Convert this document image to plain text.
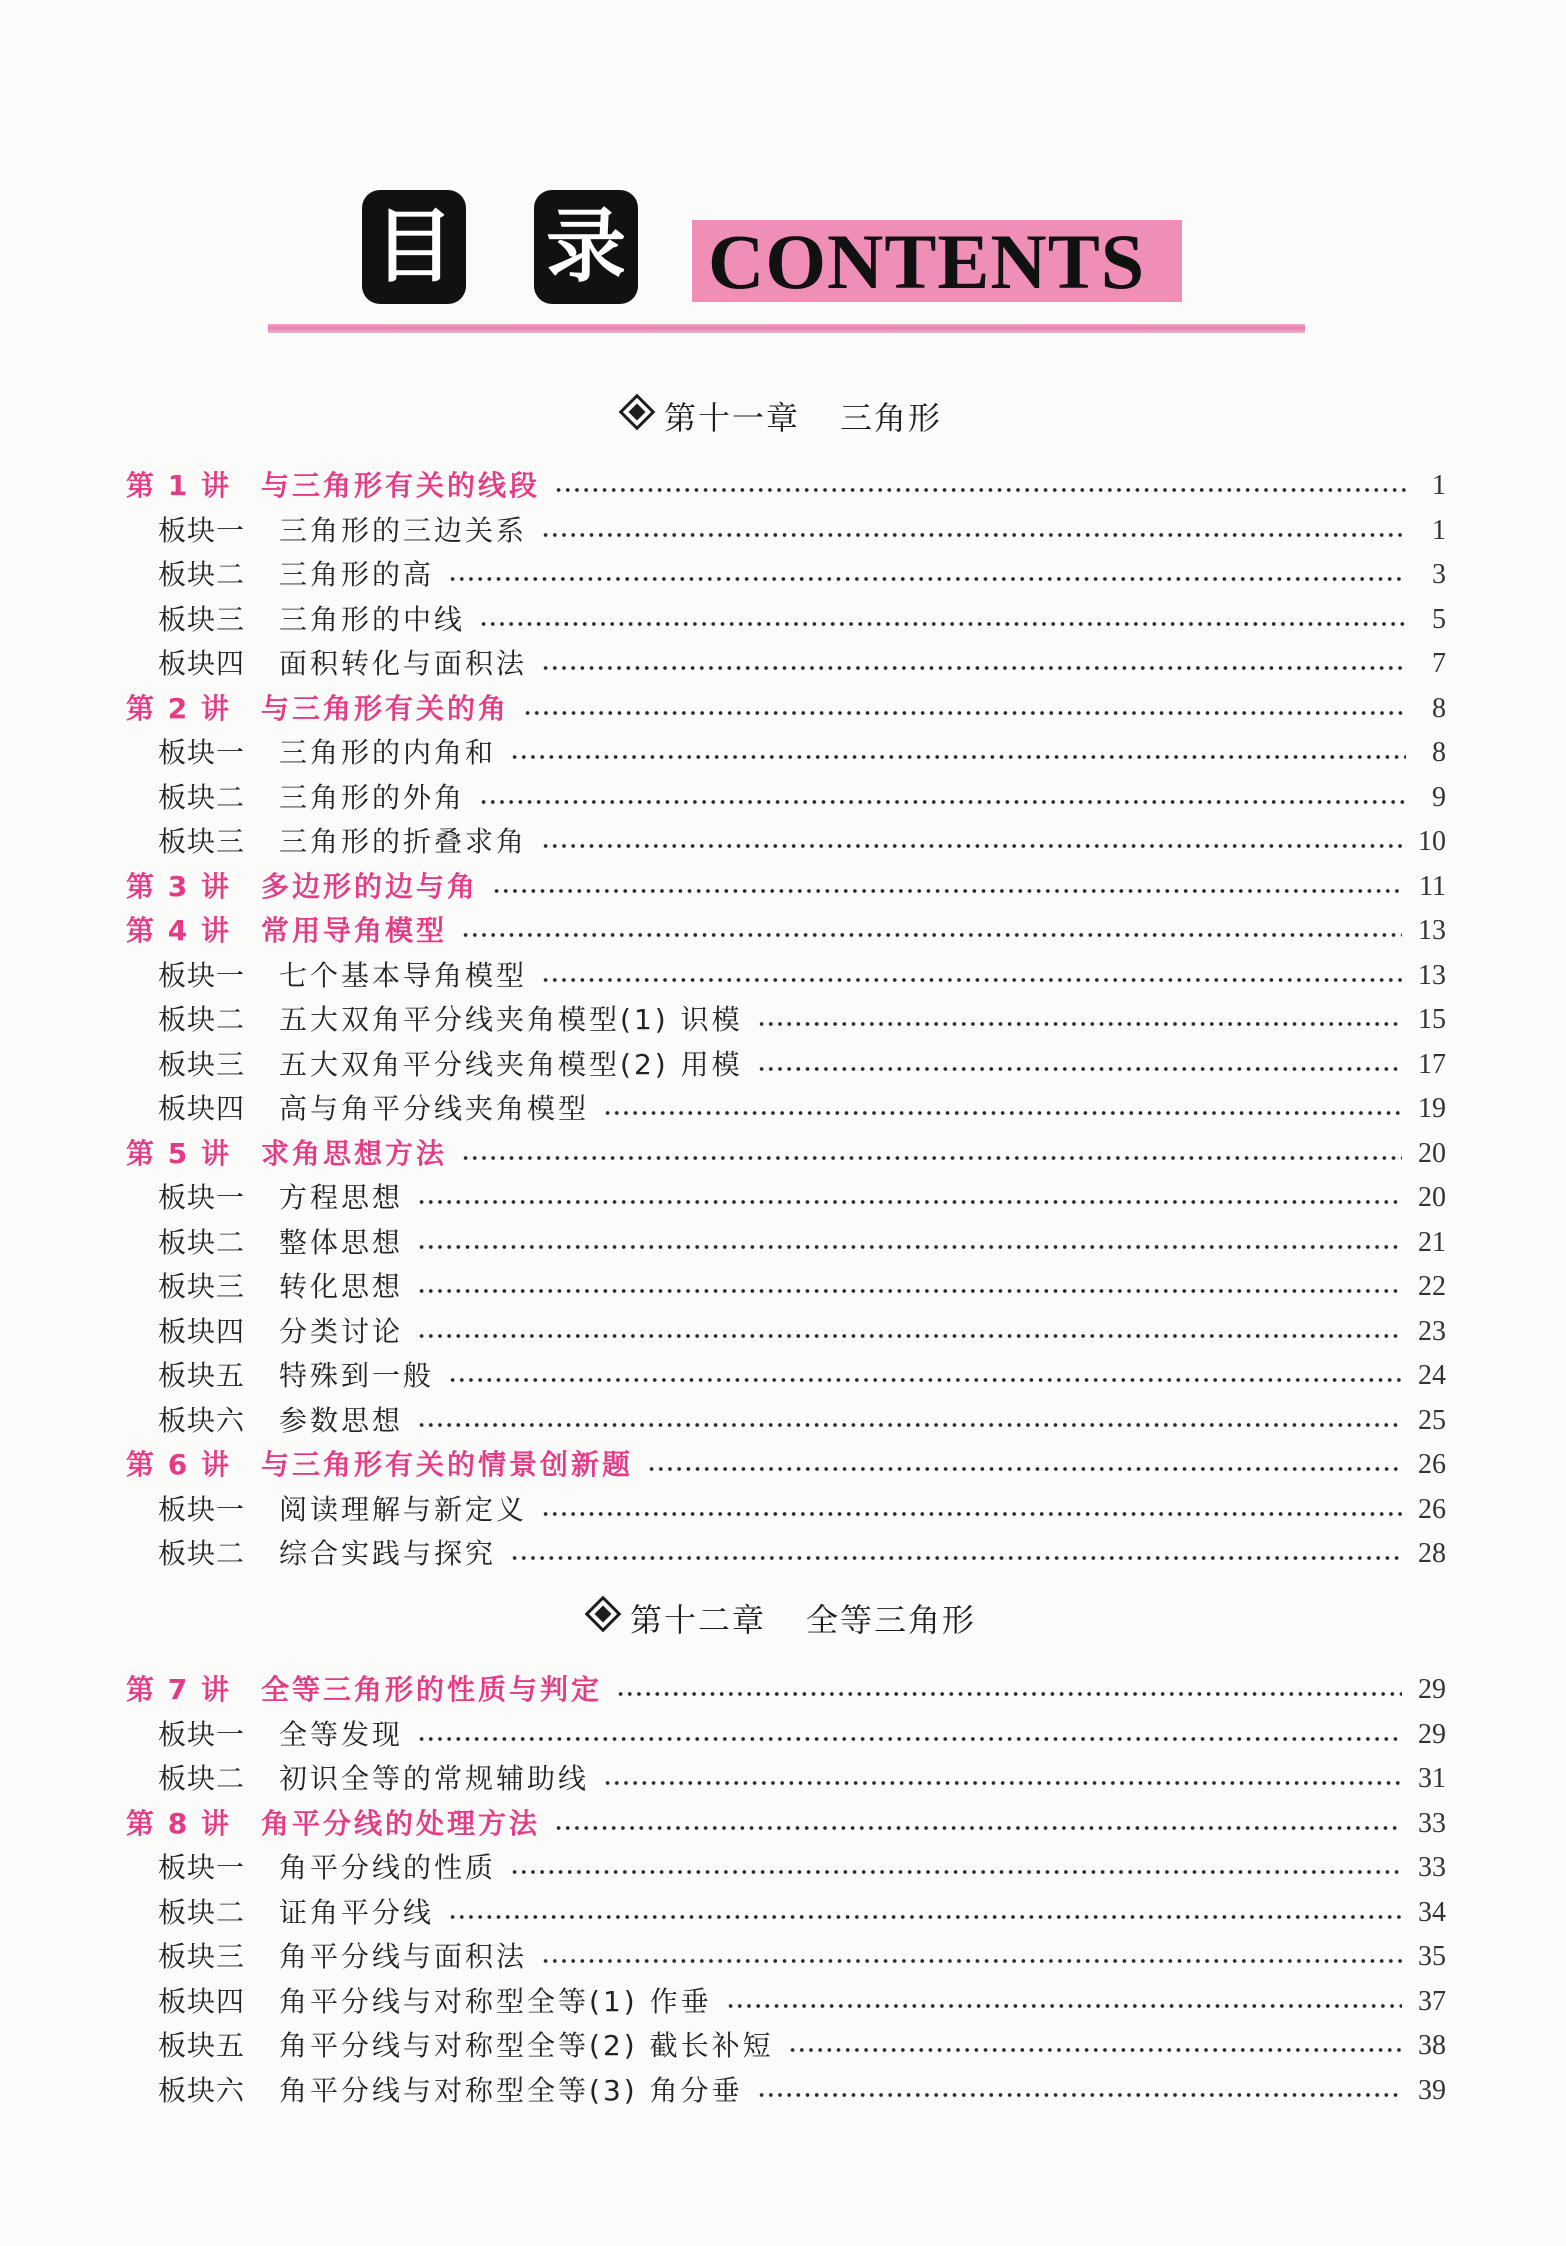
目 录 CONTENTS
第十一章 三角形
第十二章 全等三角形
第 1 讲 与三角形有关的线段	1
板块一 三角形的三边关系	1
板块二 三角形的高	3
板块三 三角形的中线	5
板块四 面积转化与面积法	7
第 2 讲 与三角形有关的角	8
板块一 三角形的内角和	8
板块二 三角形的外角	9
板块三 三角形的折叠求角	10
第 3 讲 多边形的边与角	11
第 4 讲 常用导角模型	13
板块一 七个基本导角模型	13
板块二 五大双角平分线夹角模型(1) 识模	15
板块三 五大双角平分线夹角模型(2) 用模	17
板块四 高与角平分线夹角模型	19
第 5 讲 求角思想方法	20
板块一 方程思想	20
板块二 整体思想	21
板块三 转化思想	22
板块四 分类讨论	23
板块五 特殊到一般	24
板块六 参数思想	25
第 6 讲 与三角形有关的情景创新题	26
板块一 阅读理解与新定义	26
板块二 综合实践与探究	28
第 7 讲 全等三角形的性质与判定	29
板块一 全等发现	29
板块二 初识全等的常规辅助线	31
第 8 讲 角平分线的处理方法	33
板块一 角平分线的性质	33
板块二 证角平分线	34
板块三 角平分线与面积法	35
板块四 角平分线与对称型全等(1) 作垂	37
板块五 角平分线与对称型全等(2) 截长补短	38
板块六 角平分线与对称型全等(3) 角分垂	39
